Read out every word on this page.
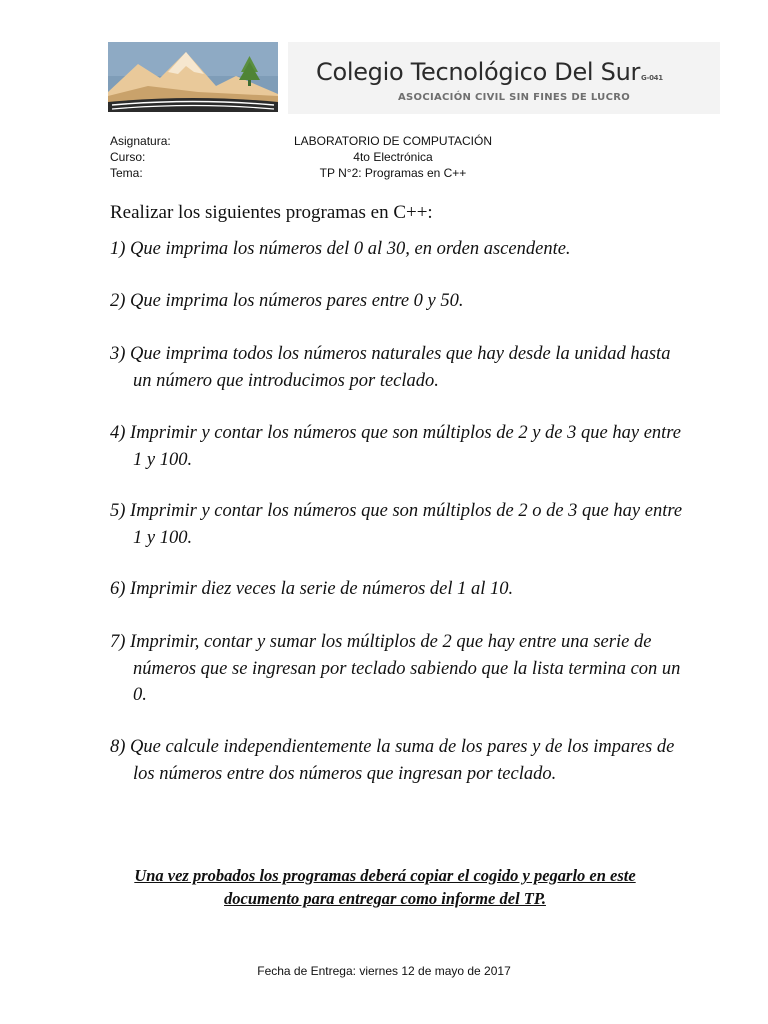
Colegio Tecnológico Del SurG-041
ASOCIACIÓN CIVIL SIN FINES DE LUCRO
Asignatura:	LABORATORIO DE COMPUTACIÓN
Curso:	4to Electrónica
Tema:	TP N°2: Programas en C++
Realizar los siguientes programas en C++:
1) Que imprima los números del 0 al 30, en orden ascendente.
2) Que imprima los números pares entre 0 y 50.
3) Que imprima todos los números naturales que hay desde la unidad hasta un número que introducimos por teclado.
4) Imprimir y contar los números que son múltiplos de 2 y de 3 que hay entre 1 y 100.
5) Imprimir y contar los números que son múltiplos de 2 o de 3 que hay entre 1 y 100.
6) Imprimir diez veces la serie de números del 1 al 10.
7) Imprimir, contar y sumar los múltiplos de 2 que hay entre una serie de números que se ingresan por teclado sabiendo que la lista termina con un 0.
8) Que calcule independientemente la suma de los pares y de los impares de los números entre dos números que ingresan por teclado.
Una vez probados los programas deberá copiar el cogido y pegarlo en este documento para entregar como informe del TP.
Fecha de Entrega: viernes 12 de mayo de 2017
